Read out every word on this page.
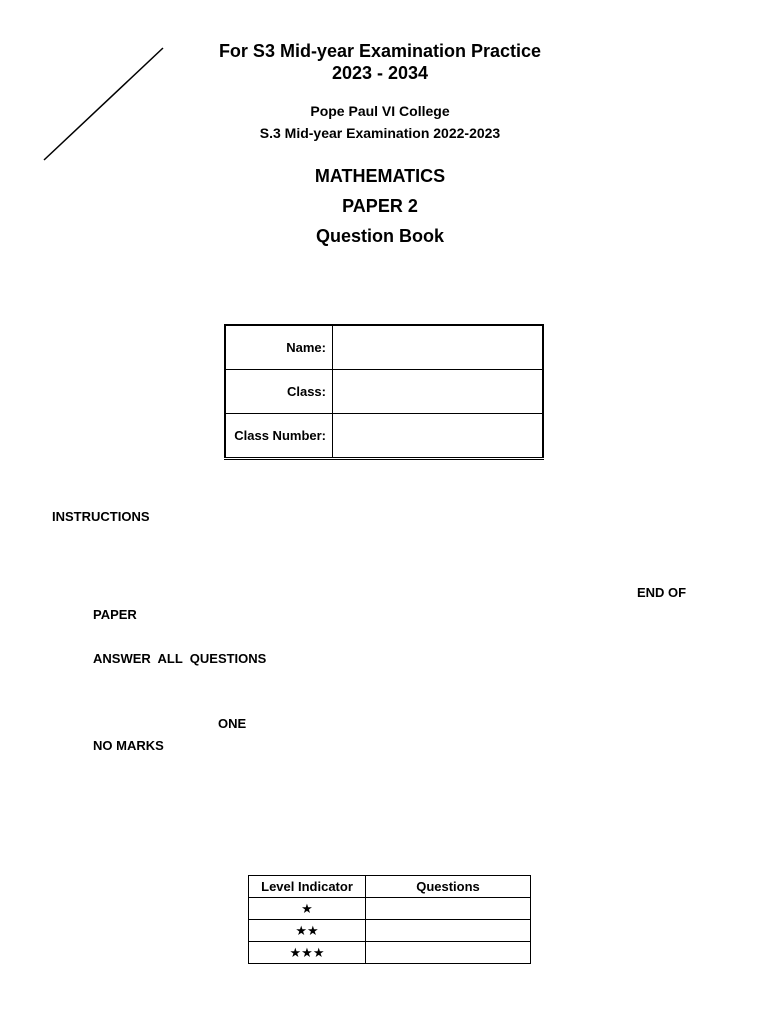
For S3 Mid-year Examination Practice
2023 - 2034
Pope Paul VI College
S.3 Mid-year Examination 2022-2023
MATHEMATICS
PAPER 2
Question Book
Name:	
Class:	
Class Number:	
INSTRUCTIONS
END OF
PAPER
ANSWER  ALL  QUESTIONS
ONE
NO MARKS
Level Indicator	Questions
★	
★★	
★★★	
